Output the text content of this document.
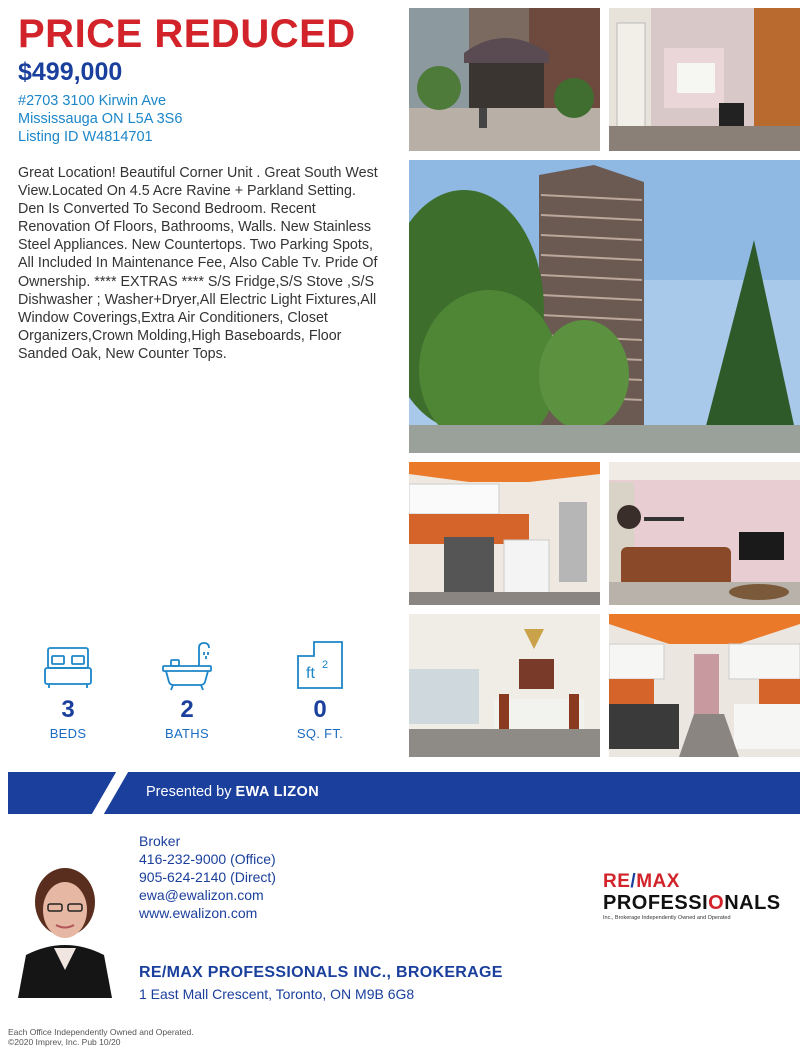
PRICE REDUCED
$499,000
#2703 3100 Kirwin Ave
Mississauga ON L5A 3S6
Listing ID W4814701
Great Location! Beautiful Corner Unit . Great South West View.Located On 4.5 Acre Ravine + Parkland Setting. Den Is Converted To Second Bedroom. Recent Renovation Of Floors, Bathrooms, Walls. New Stainless Steel Appliances. New Countertops. Two Parking Spots, All Included In Maintenance Fee, Also Cable Tv. Pride Of Ownership. **** EXTRAS **** S/S Fridge,S/S Stove ,S/S Dishwasher ; Washer+Dryer,All Electric Light Fixtures,All Window Coverings,Extra Air Conditioners, Closet Organizers,Crown Molding,High Baseboards, Floor Sanded Oak, New Counter Tops.
3
BEDS
2
BATHS
ft 2
0
SQ. FT.
Presented by EWA LIZON
Broker
416-232-9000 (Office)
905-624-2140 (Direct)
ewa@ewalizon.com
www.ewalizon.com
RE/MAX PROFESSIONALS INC., BROKERAGE
1 East Mall Crescent, Toronto, ON M9B 6G8
RE/MAX
PROFESSIONALS
Inc., Brokerage Independently Owned and Operated
Each Office Independently Owned and Operated.
©2020 Imprev, Inc. Pub 10/20
